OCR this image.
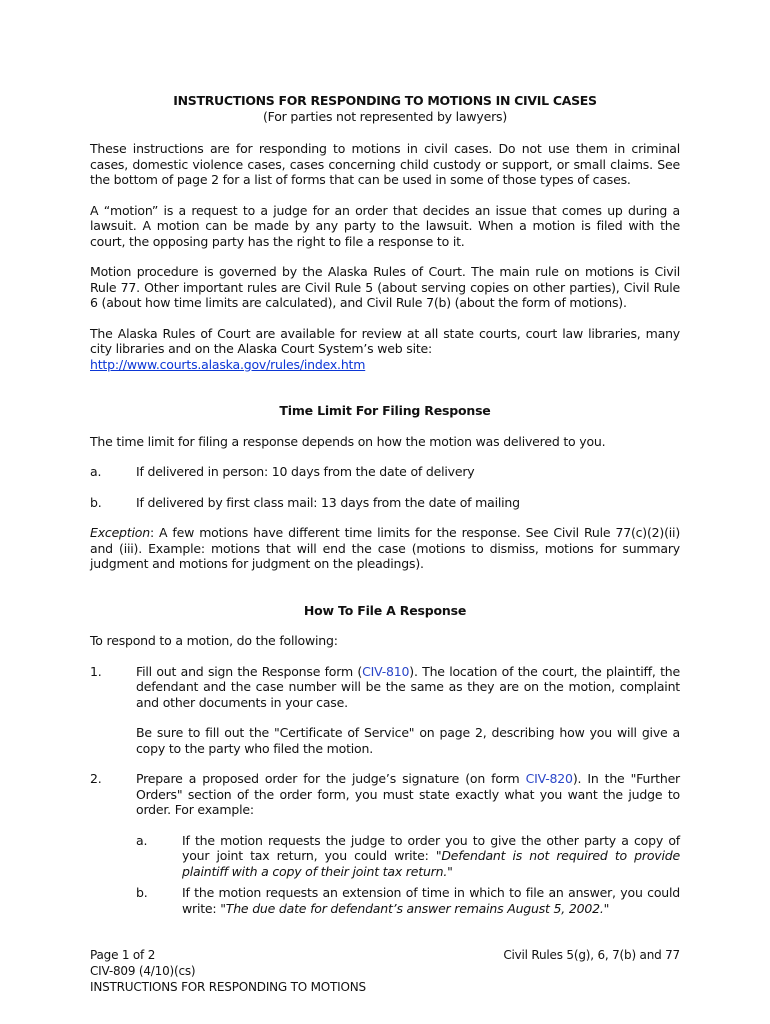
INSTRUCTIONS FOR RESPONDING TO MOTIONS IN CIVIL CASES

(For parties not represented by lawyers)

These instructions are for responding to motions in civil cases. Do not use them in criminal cases, domestic violence cases, cases concerning child custody or support, or small claims. See the bottom of page 2 for a list of forms that can be used in some of those types of cases.

A “motion” is a request to a judge for an order that decides an issue that comes up during a lawsuit. A motion can be made by any party to the lawsuit. When a motion is filed with the court, the opposing party has the right to file a response to it.

Motion procedure is governed by the Alaska Rules of Court. The main rule on motions is Civil Rule 77. Other important rules are Civil Rule 5 (about serving copies on other parties), Civil Rule 6 (about how time limits are calculated), and Civil Rule 7(b) (about the form of motions).

The Alaska Rules of Court are available for review at all state courts, court law libraries, many city libraries and on the Alaska Court System’s web site:

http://www.courts.alaska.gov/rules/index.htm

Time Limit For Filing Response

The time limit for filing a response depends on how the motion was delivered to you.

a.	If delivered in person: 10 days from the date of delivery
b.	If delivered by first class mail: 13 days from the date of mailing

Exception: A few motions have different time limits for the response. See Civil Rule 77(c)(2)(ii) and (iii). Example: motions that will end the case (motions to dismiss, motions for summary judgment and motions for judgment on the pleadings).

How To File A Response

To respond to a motion, do the following:

1.	Fill out and sign the Response form (CIV-810). The location of the court, the plaintiff, the defendant and the case number will be the same as they are on the motion, complaint and other documents in your case.

Be sure to fill out the "Certificate of Service" on page 2, describing how you will give a copy to the party who filed the motion.

2.	Prepare a proposed order for the judge’s signature (on form CIV-820). In the "Further Orders" section of the order form, you must state exactly what you want the judge to order. For example:
a.	If the motion requests the judge to order you to give the other party a copy of your joint tax return, you could write: "Defendant is not required to provide plaintiff with a copy of their joint tax return."
b.	If the motion requests an extension of time in which to file an answer, you could write: "The due date for defendant’s answer remains August 5, 2002."
Page 1 of 2
CIV-809 (4/10)(cs)
INSTRUCTIONS FOR RESPONDING TO MOTIONS
Civil Rules 5(g), 6, 7(b) and 77
